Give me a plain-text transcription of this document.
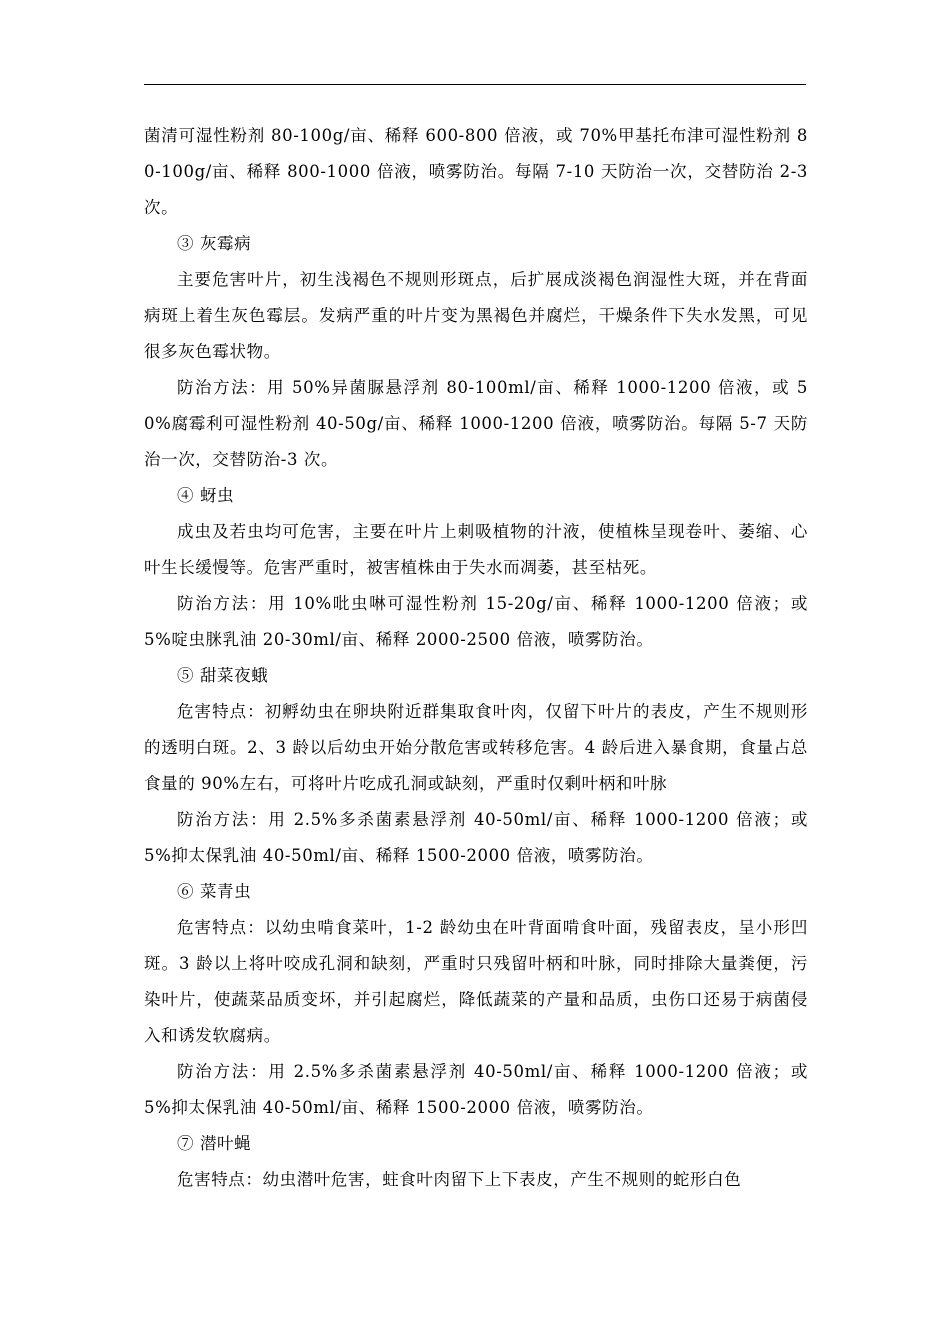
菌清可湿性粉剂 80-100g/亩、稀释 600-800 倍液，或 70%甲基托布津可湿性粉剂 80-100g/亩、稀释 800-1000 倍液，喷雾防治。每隔 7-10 天防治一次，交替防治 2-3 次。

③ 灰霉病

主要危害叶片，初生浅褐色不规则形斑点，后扩展成淡褐色润湿性大斑，并在背面病斑上着生灰色霉层。发病严重的叶片变为黑褐色并腐烂，干燥条件下失水发黑，可见很多灰色霉状物。

防治方法：用 50%异菌脲悬浮剂 80-100ml/亩、稀释 1000-1200 倍液，或 50%腐霉利可湿性粉剂 40-50g/亩、稀释 1000-1200 倍液，喷雾防治。每隔 5-7 天防治一次，交替防治-3 次。

④ 蚜虫

成虫及若虫均可危害，主要在叶片上刺吸植物的汁液，使植株呈现卷叶、萎缩、心叶生长缓慢等。危害严重时，被害植株由于失水而凋萎，甚至枯死。

防治方法：用 10%吡虫啉可湿性粉剂 15-20g/亩、稀释 1000-1200 倍液；或 5%啶虫脒乳油 20-30ml/亩、稀释 2000-2500 倍液，喷雾防治。

⑤ 甜菜夜蛾

危害特点：初孵幼虫在卵块附近群集取食叶肉，仅留下叶片的表皮，产生不规则形的透明白斑。2、3 龄以后幼虫开始分散危害或转移危害。4 龄后进入暴食期，食量占总食量的 90%左右，可将叶片吃成孔洞或缺刻，严重时仅剩叶柄和叶脉

防治方法：用 2.5%多杀菌素悬浮剂 40-50ml/亩、稀释 1000-1200 倍液；或 5%抑太保乳油 40-50ml/亩、稀释 1500-2000 倍液，喷雾防治。

⑥ 菜青虫

危害特点：以幼虫啃食菜叶，1-2 龄幼虫在叶背面啃食叶面，残留表皮，呈小形凹斑。3 龄以上将叶咬成孔洞和缺刻，严重时只残留叶柄和叶脉，同时排除大量粪便，污染叶片，使蔬菜品质变坏，并引起腐烂，降低蔬菜的产量和品质，虫伤口还易于病菌侵入和诱发软腐病。

防治方法：用 2.5%多杀菌素悬浮剂 40-50ml/亩、稀释 1000-1200 倍液；或 5%抑太保乳油 40-50ml/亩、稀释 1500-2000 倍液，喷雾防治。

⑦ 潜叶蝇

危害特点：幼虫潜叶危害，蛀食叶肉留下上下表皮，产生不规则的蛇形白色
